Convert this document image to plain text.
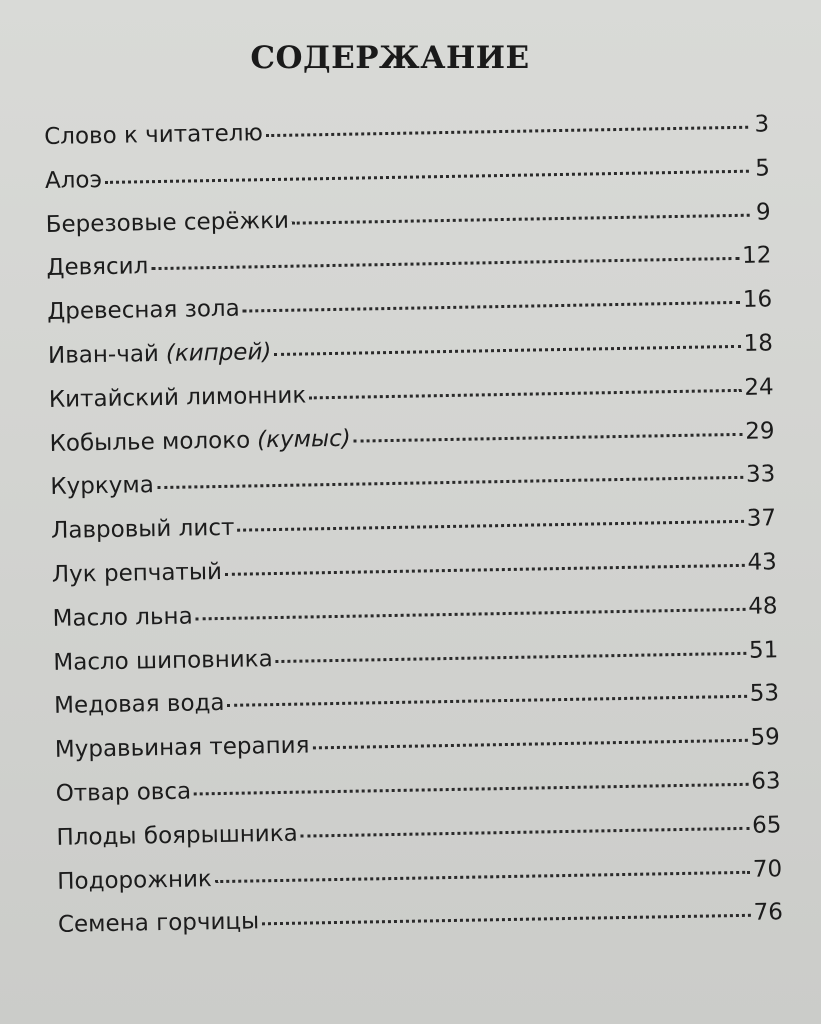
СОДЕРЖАНИЕ
Слово к читателю	3
Алоэ	5
Березовые серёжки	9
Девясил	12
Древесная зола	16
Иван-чай (кипрей)	18
Китайский лимонник	24
Кобылье молоко (кумыс)	29
Куркума	33
Лавровый лист	37
Лук репчатый	43
Масло льна	48
Масло шиповника	51
Медовая вода	53
Муравьиная терапия	59
Отвар овса	63
Плоды боярышника	65
Подорожник	70
Семена горчицы	76
